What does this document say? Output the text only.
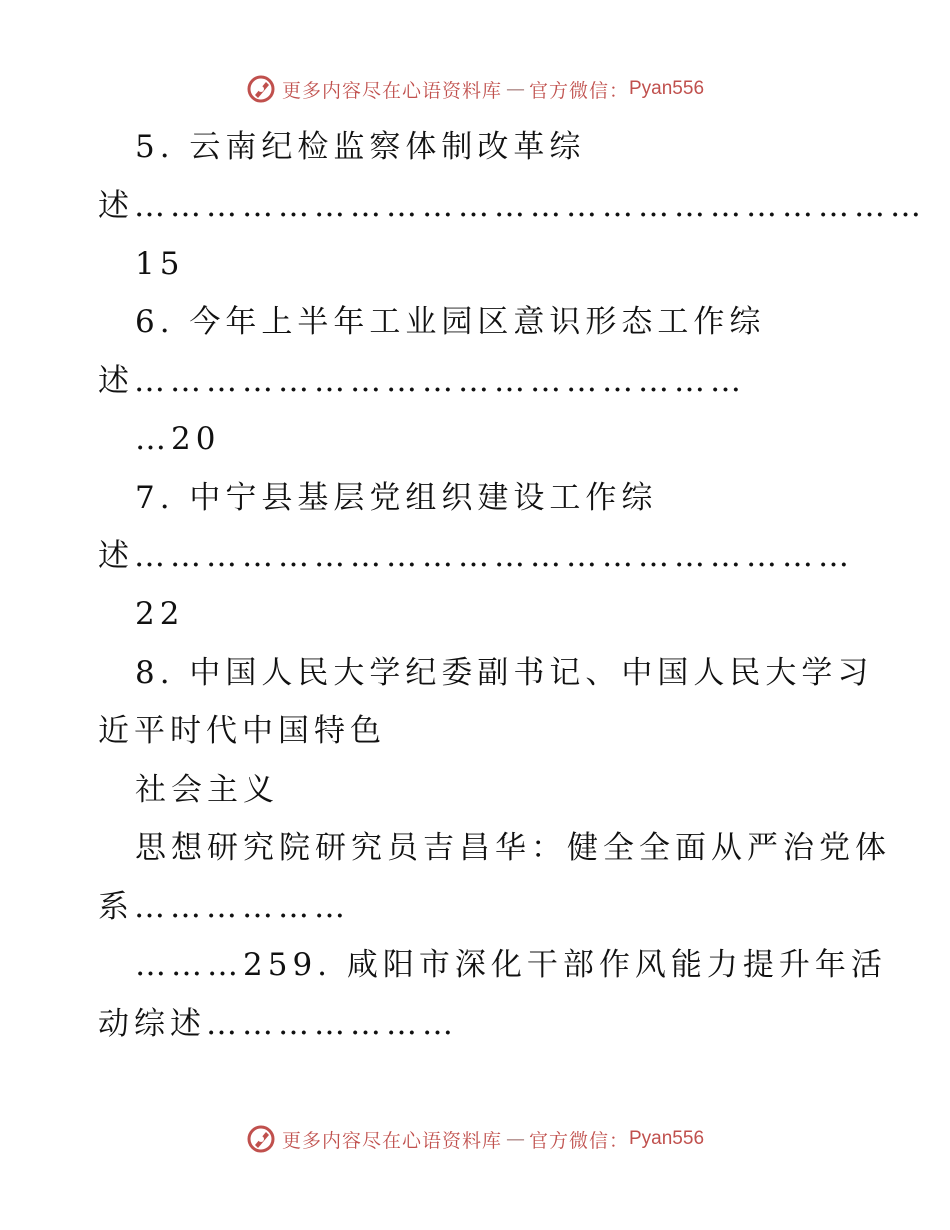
更多内容尽在心语资料库 — 官方微信： Pyan556
5. 云南纪检监察体制改革综
述…………………………………………………………
15
6. 今年上半年工业园区意识形态工作综
述……………………………………………
…20
7. 中宁县基层党组织建设工作综
述……………………………………………………
22
8. 中国人民大学纪委副书记、中国人民大学习
近平时代中国特色
社会主义
思想研究院研究员吉昌华：健全全面从严治党体
系………………
………259. 咸阳市深化干部作风能力提升年活
动综述…………………
更多内容尽在心语资料库 — 官方微信： Pyan556
